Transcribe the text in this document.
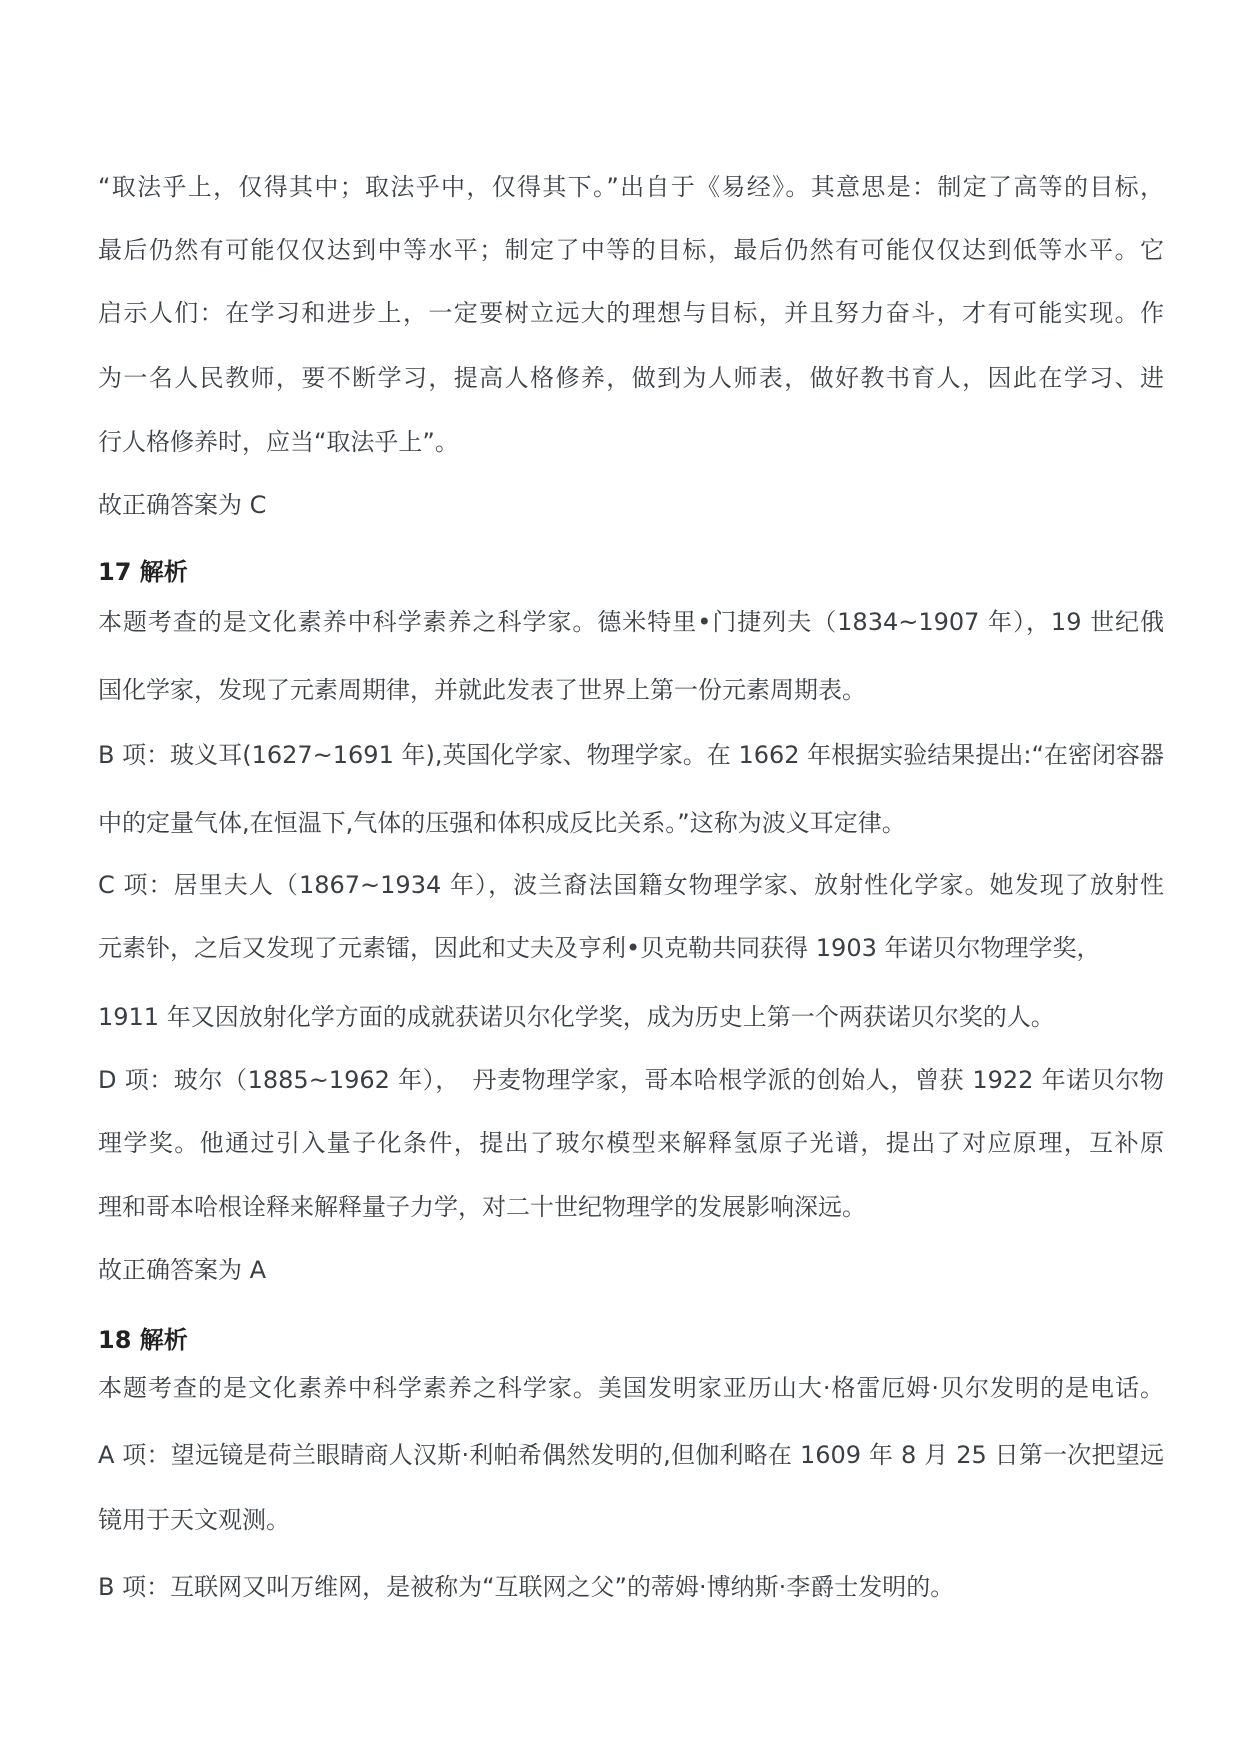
“取法乎上，仅得其中；取法乎中，仅得其下。”出自于《易经》。其意思是：制定了高等的目标，
最后仍然有可能仅仅达到中等水平；制定了中等的目标，最后仍然有可能仅仅达到低等水平。它
启示人们：在学习和进步上，一定要树立远大的理想与目标，并且努力奋斗，才有可能实现。作
为一名人民教师，要不断学习，提高人格修养，做到为人师表，做好教书育人，因此在学习、进
行人格修养时，应当“取法乎上”。
故正确答案为 C
17 解析
本题考查的是文化素养中科学素养之科学家。德米特里•门捷列夫（1834~1907 年），19 世纪俄
国化学家，发现了元素周期律，并就此发表了世界上第一份元素周期表。
B 项：玻义耳(1627~1691 年),英国化学家、物理学家。在 1662 年根据实验结果提出:“在密闭容器
中的定量气体,在恒温下,气体的压强和体积成反比关系。”这称为波义耳定律。
C 项：居里夫人（1867~1934 年），波兰裔法国籍女物理学家、放射性化学家。她发现了放射性
元素钋，之后又发现了元素镭，因此和丈夫及亨利•贝克勒共同获得 1903 年诺贝尔物理学奖，
1911 年又因放射化学方面的成就获诺贝尔化学奖，成为历史上第一个两获诺贝尔奖的人。
D 项：玻尔（1885~1962 年），　丹麦物理学家，哥本哈根学派的创始人，曾获 1922 年诺贝尔物
理学奖。他通过引入量子化条件，提出了玻尔模型来解释氢原子光谱，提出了对应原理，互补原
理和哥本哈根诠释来解释量子力学，对二十世纪物理学的发展影响深远。
故正确答案为 A
18 解析
本题考查的是文化素养中科学素养之科学家。美国发明家亚历山大·格雷厄姆·贝尔发明的是电话。
A 项：望远镜是荷兰眼睛商人汉斯·利帕希偶然发明的,但伽利略在 1609 年 8 月 25 日第一次把望远
镜用于天文观测。
B 项：互联网又叫万维网，是被称为“互联网之父”的蒂姆·博纳斯·李爵士发明的。
